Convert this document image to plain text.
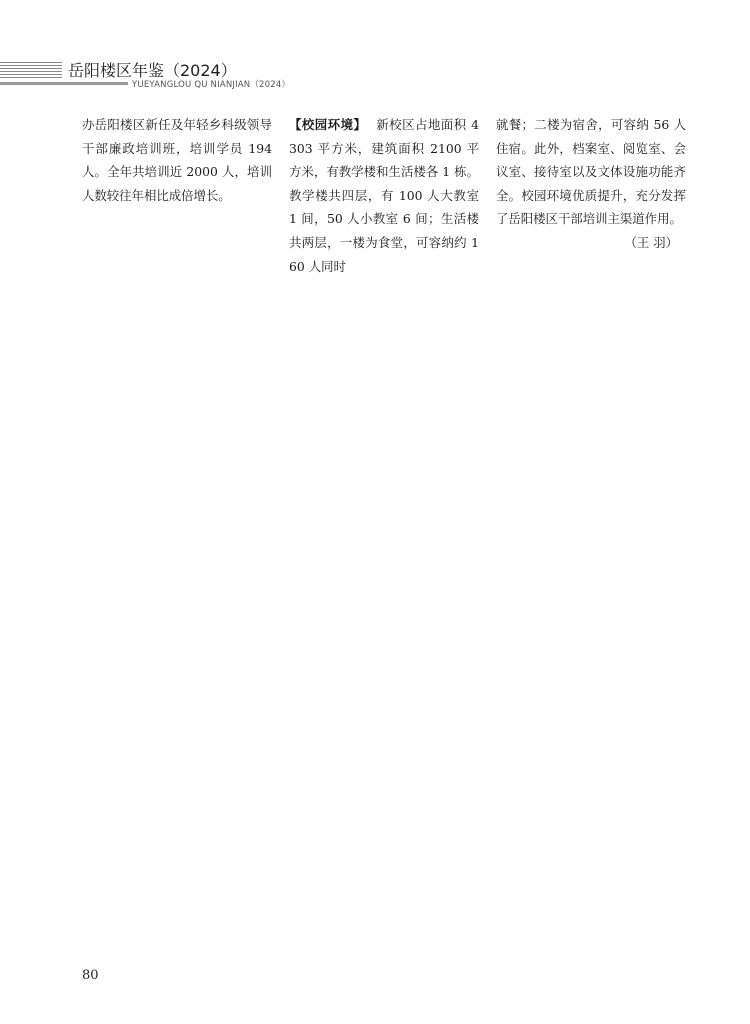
岳阳楼区年鉴（2024）
YUEYANGLOU QU NIANJIAN（2024）

办岳阳楼区新任及年轻乡科级领导干部廉政培训班，培训学员 194 人。全年共培训近 2000 人，培训人数较往年相比成倍增长。

【校园环境】 新校区占地面积 4303 平方米，建筑面积 2100 平方米，有教学楼和生活楼各 1 栋。教学楼共四层，有 100 人大教室 1 间，50 人小教室 6 间；生活楼共两层，一楼为食堂，可容纳约 160 人同时

就餐；二楼为宿舍，可容纳 56 人住宿。此外，档案室、阅览室、会议室、接待室以及文体设施功能齐全。校园环境优质提升，充分发挥了岳阳楼区干部培训主渠道作用。

（王 羽）

80
